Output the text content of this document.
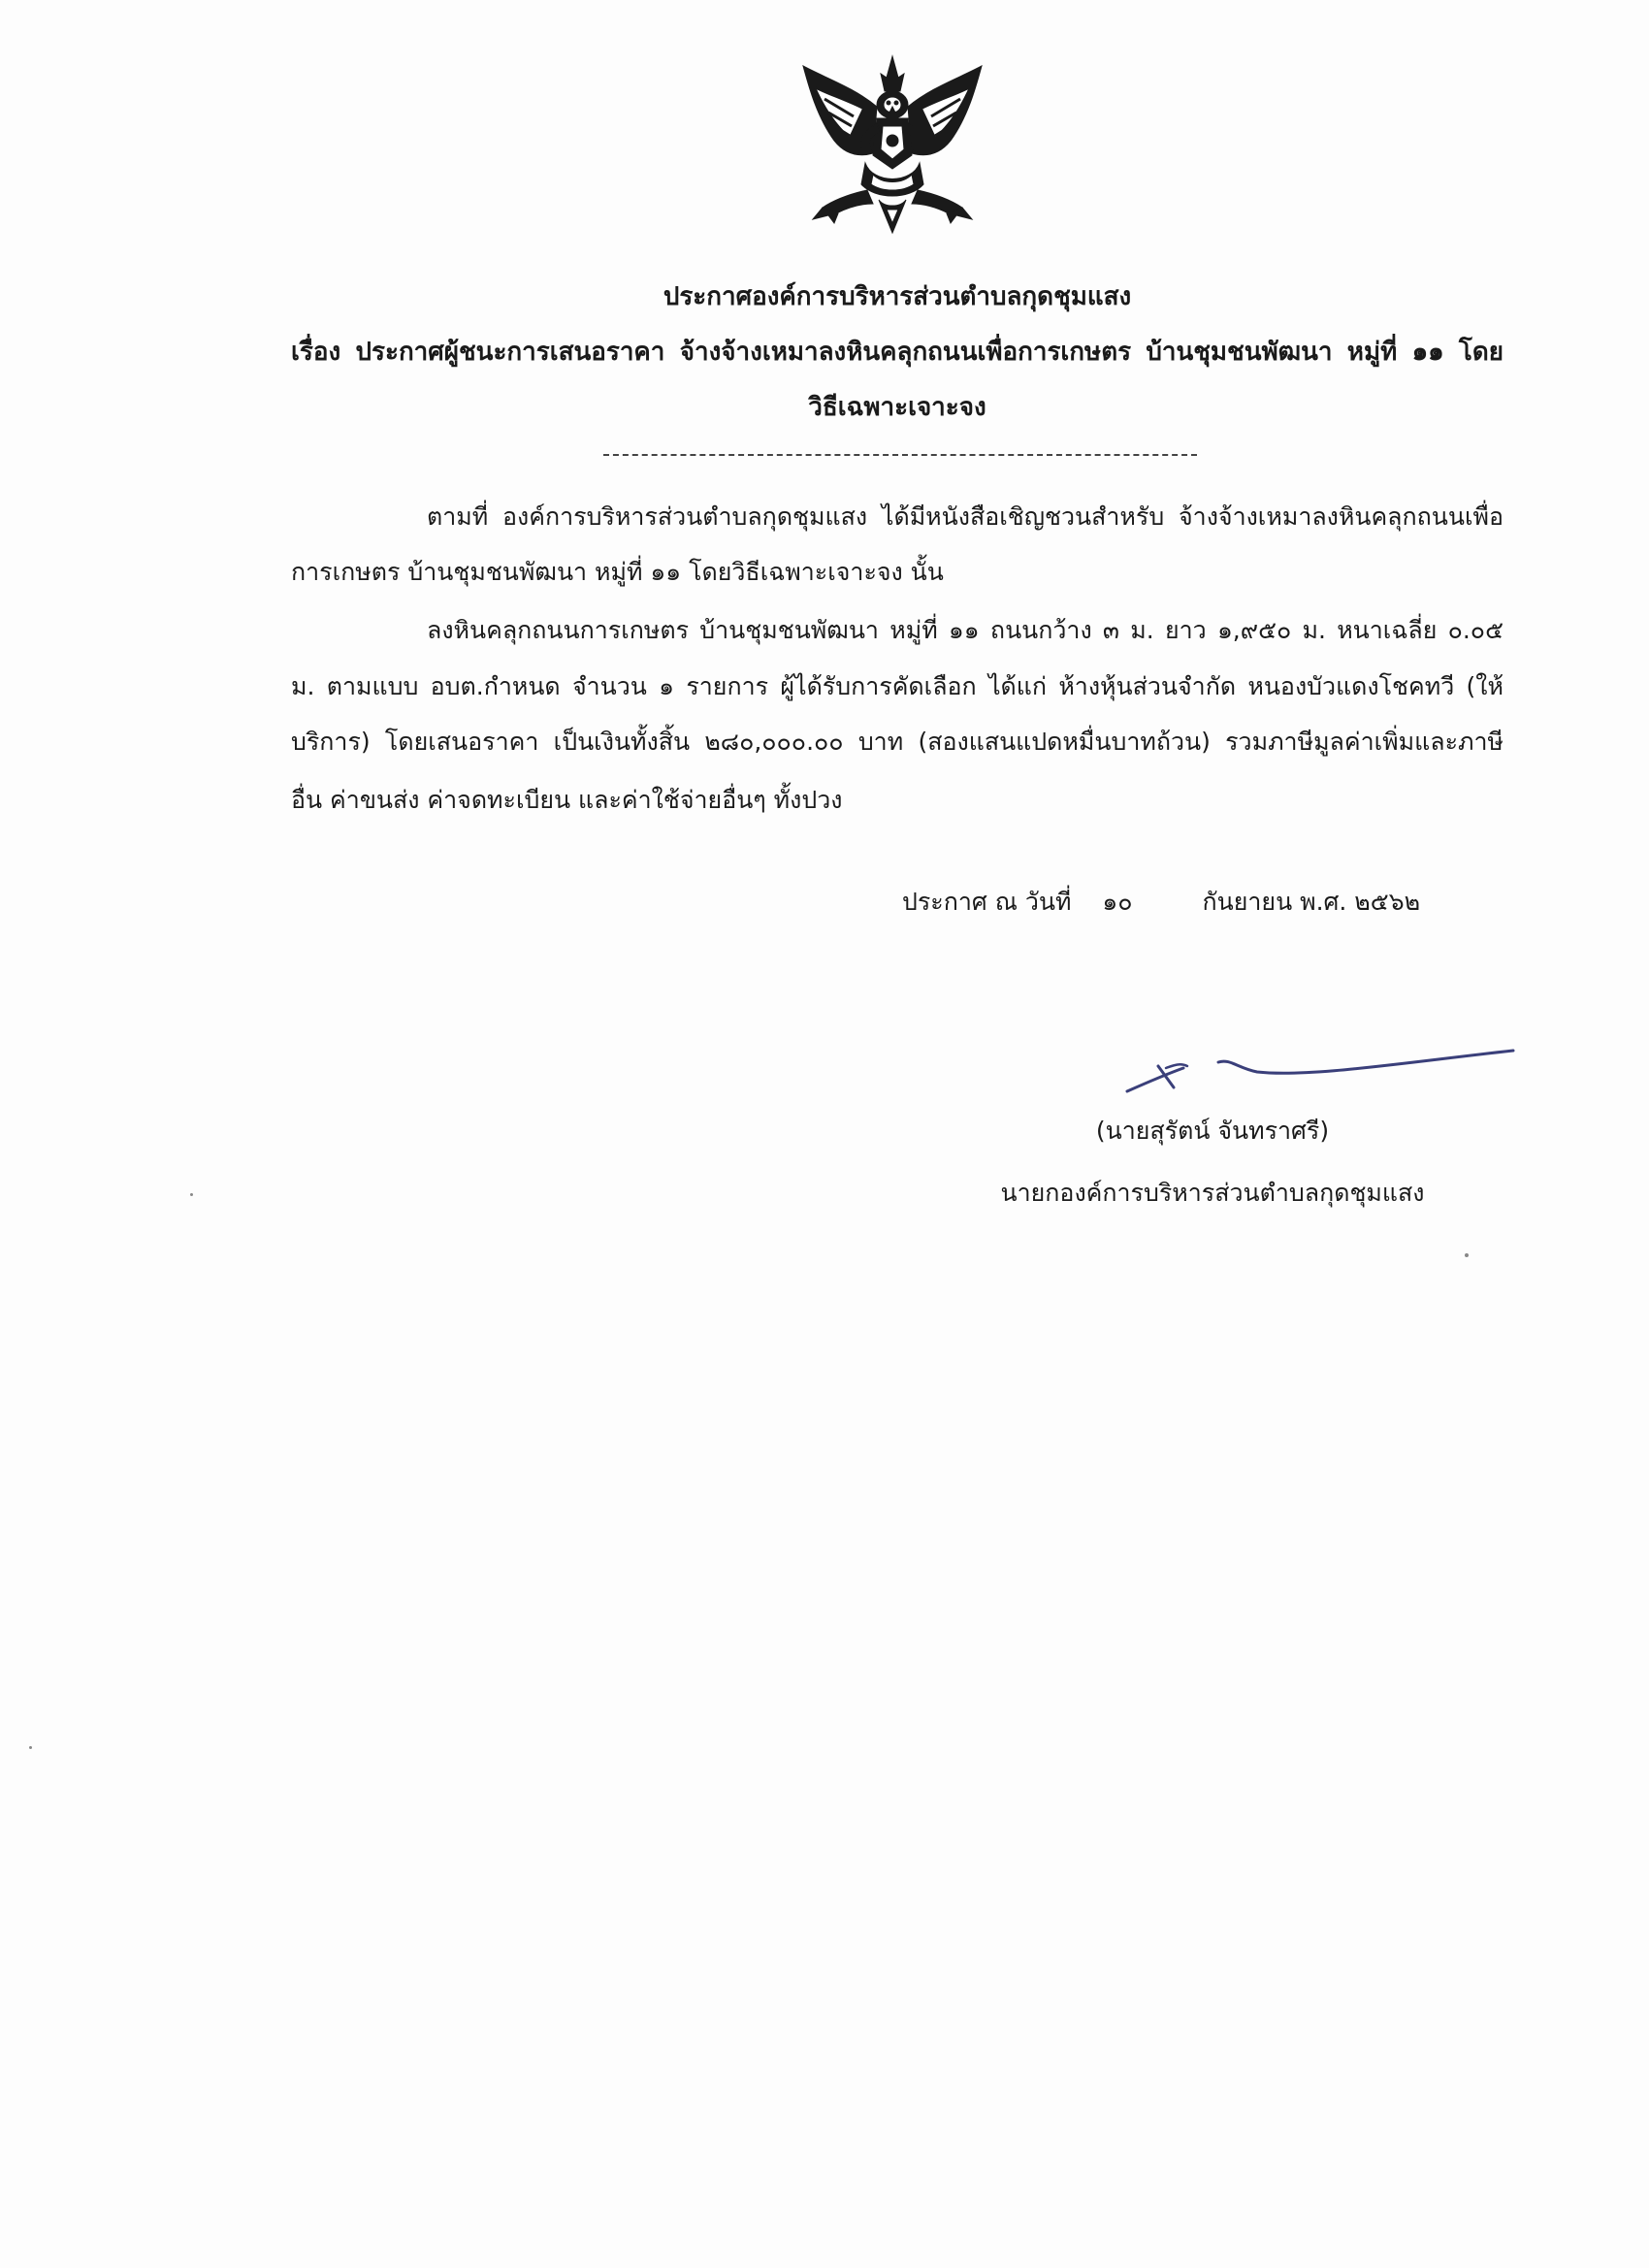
ประกาศองค์การบริหารส่วนตำบลกุดชุมแสง
เรื่อง ประกาศผู้ชนะการเสนอราคา จ้างจ้างเหมาลงหินคลุกถนนเพื่อการเกษตร บ้านชุมชนพัฒนา หมู่ที่ ๑๑ โดย
วิธีเฉพาะเจาะจง
ตามที่ องค์การบริหารส่วนตำบลกุดชุมแสง ได้มีหนังสือเชิญชวนสำหรับ จ้างจ้างเหมาลงหินคลุกถนนเพื่อ
การเกษตร บ้านชุมชนพัฒนา หมู่ที่ ๑๑ โดยวิธีเฉพาะเจาะจง นั้น
ลงหินคลุกถนนการเกษตร บ้านชุมชนพัฒนา หมู่ที่ ๑๑ ถนนกว้าง ๓ ม. ยาว ๑,๙๕๐ ม. หนาเฉลี่ย ๐.๐๕
ม. ตามแบบ อบต.กำหนด จำนวน ๑ รายการ ผู้ได้รับการคัดเลือก ได้แก่ ห้างหุ้นส่วนจำกัด หนองบัวแดงโชคทวี (ให้
บริการ) โดยเสนอราคา เป็นเงินทั้งสิ้น ๒๘๐,๐๐๐.๐๐ บาท (สองแสนแปดหมื่นบาทถ้วน) รวมภาษีมูลค่าเพิ่มและภาษี
อื่น ค่าขนส่ง ค่าจดทะเบียน และค่าใช้จ่ายอื่นๆ ทั้งปวง
ประกาศ ณ วันที่ ๑๐	กันยายน พ.ศ. ๒๕๖๒
(นายสุรัตน์ จันทราศรี)
นายกองค์การบริหารส่วนตำบลกุดชุมแสง
